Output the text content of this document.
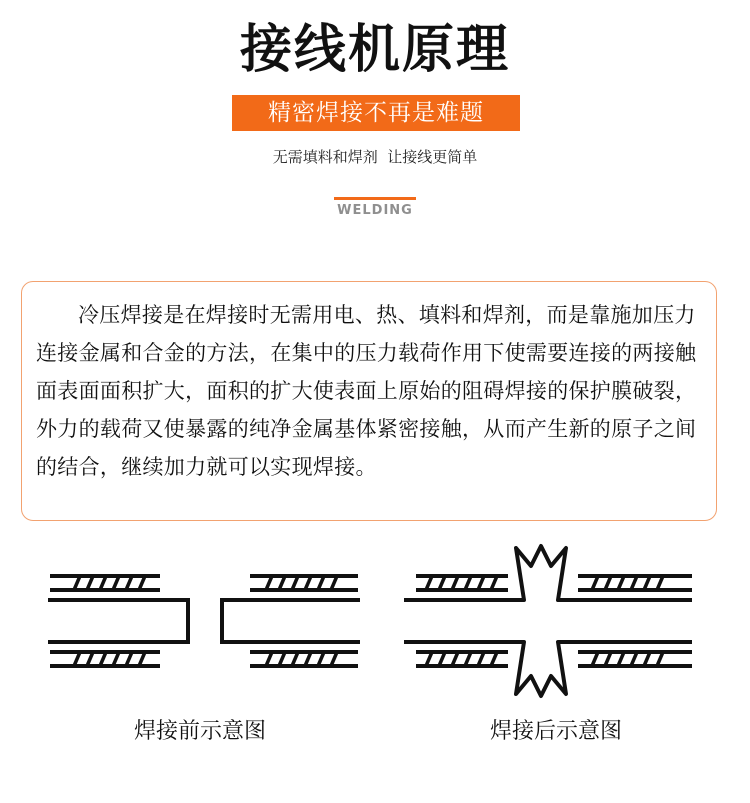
接线机原理
精密焊接不再是难题
无需填料和焊剂  让接线更简单
WELDING

冷压焊接是在焊接时无需用电、热、填料和焊剂，而是靠施加压力连接金属和合金的方法，在集中的压力载荷作用下使需要连接的两接触面表面面积扩大，面积的扩大使表面上原始的阻碍焊接的保护膜破裂，外力的载荷又使暴露的纯净金属基体紧密接触，从而产生新的原子之间的结合，继续加力就可以实现焊接。

焊接前示意图	焊接后示意图
